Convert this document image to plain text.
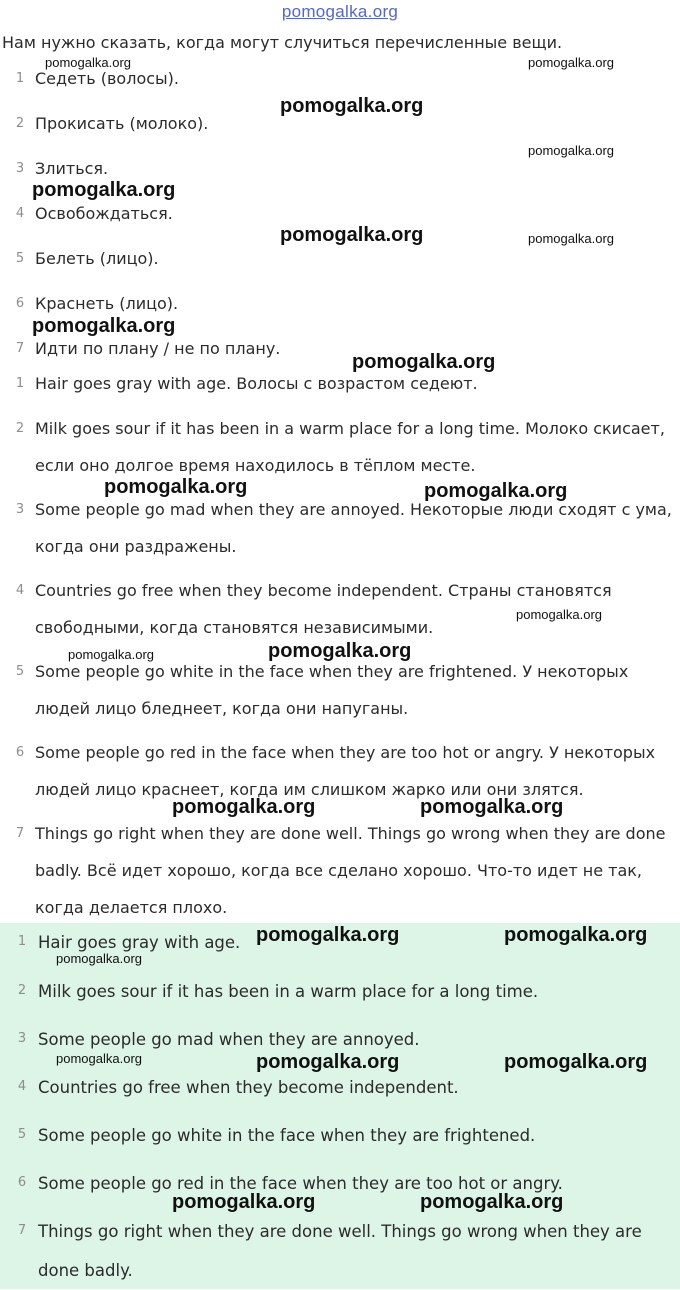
pomogalka.org
Нам нужно сказать, когда могут случиться перечисленные вещи.
1 Седеть (волосы).
2 Прокисать (молоко).
3 Злиться.
4 Освобождаться.
5 Белеть (лицо).
6 Краснеть (лицо).
7 Идти по плану / не по плану.
1 Hair goes gray with age. Волосы с возрастом седеют.
2 Milk goes sour if it has been in a warm place for a long time. Молоко скисает, если оно долгое время находилось в тёплом месте.
3 Some people go mad when they are annoyed. Некоторые люди сходят с ума, когда они раздражены.
4 Countries go free when they become independent. Страны становятся свободными, когда становятся независимыми.
5 Some people go white in the face when they are frightened. У некоторых людей лицо бледнеет, когда они напуганы.
6 Some people go red in the face when they are too hot or angry. У некоторых людей лицо краснеет, когда им слишком жарко или они злятся.
7 Things go right when they are done well. Things go wrong when they are done badly. Всё идет хорошо, когда все сделано хорошо. Что-то идет не так, когда делается плохо.
1 Hair goes gray with age.
2 Milk goes sour if it has been in a warm place for a long time.
3 Some people go mad when they are annoyed.
4 Countries go free when they become independent.
5 Some people go white in the face when they are frightened.
6 Some people go red in the face when they are too hot or angry.
7 Things go right when they are done well. Things go wrong when they are done badly.
pomogalka.org	pomogalka.org
pomogalka.org
pomogalka.org
pomogalka.org
pomogalka.org	pomogalka.org
pomogalka.org
pomogalka.org
pomogalka.org	pomogalka.org
pomogalka.org
pomogalka.org	pomogalka.org
pomogalka.org	pomogalka.org
pomogalka.org	pomogalka.org
pomogalka.org
pomogalka.org	pomogalka.org	pomogalka.org
pomogalka.org	pomogalka.org
